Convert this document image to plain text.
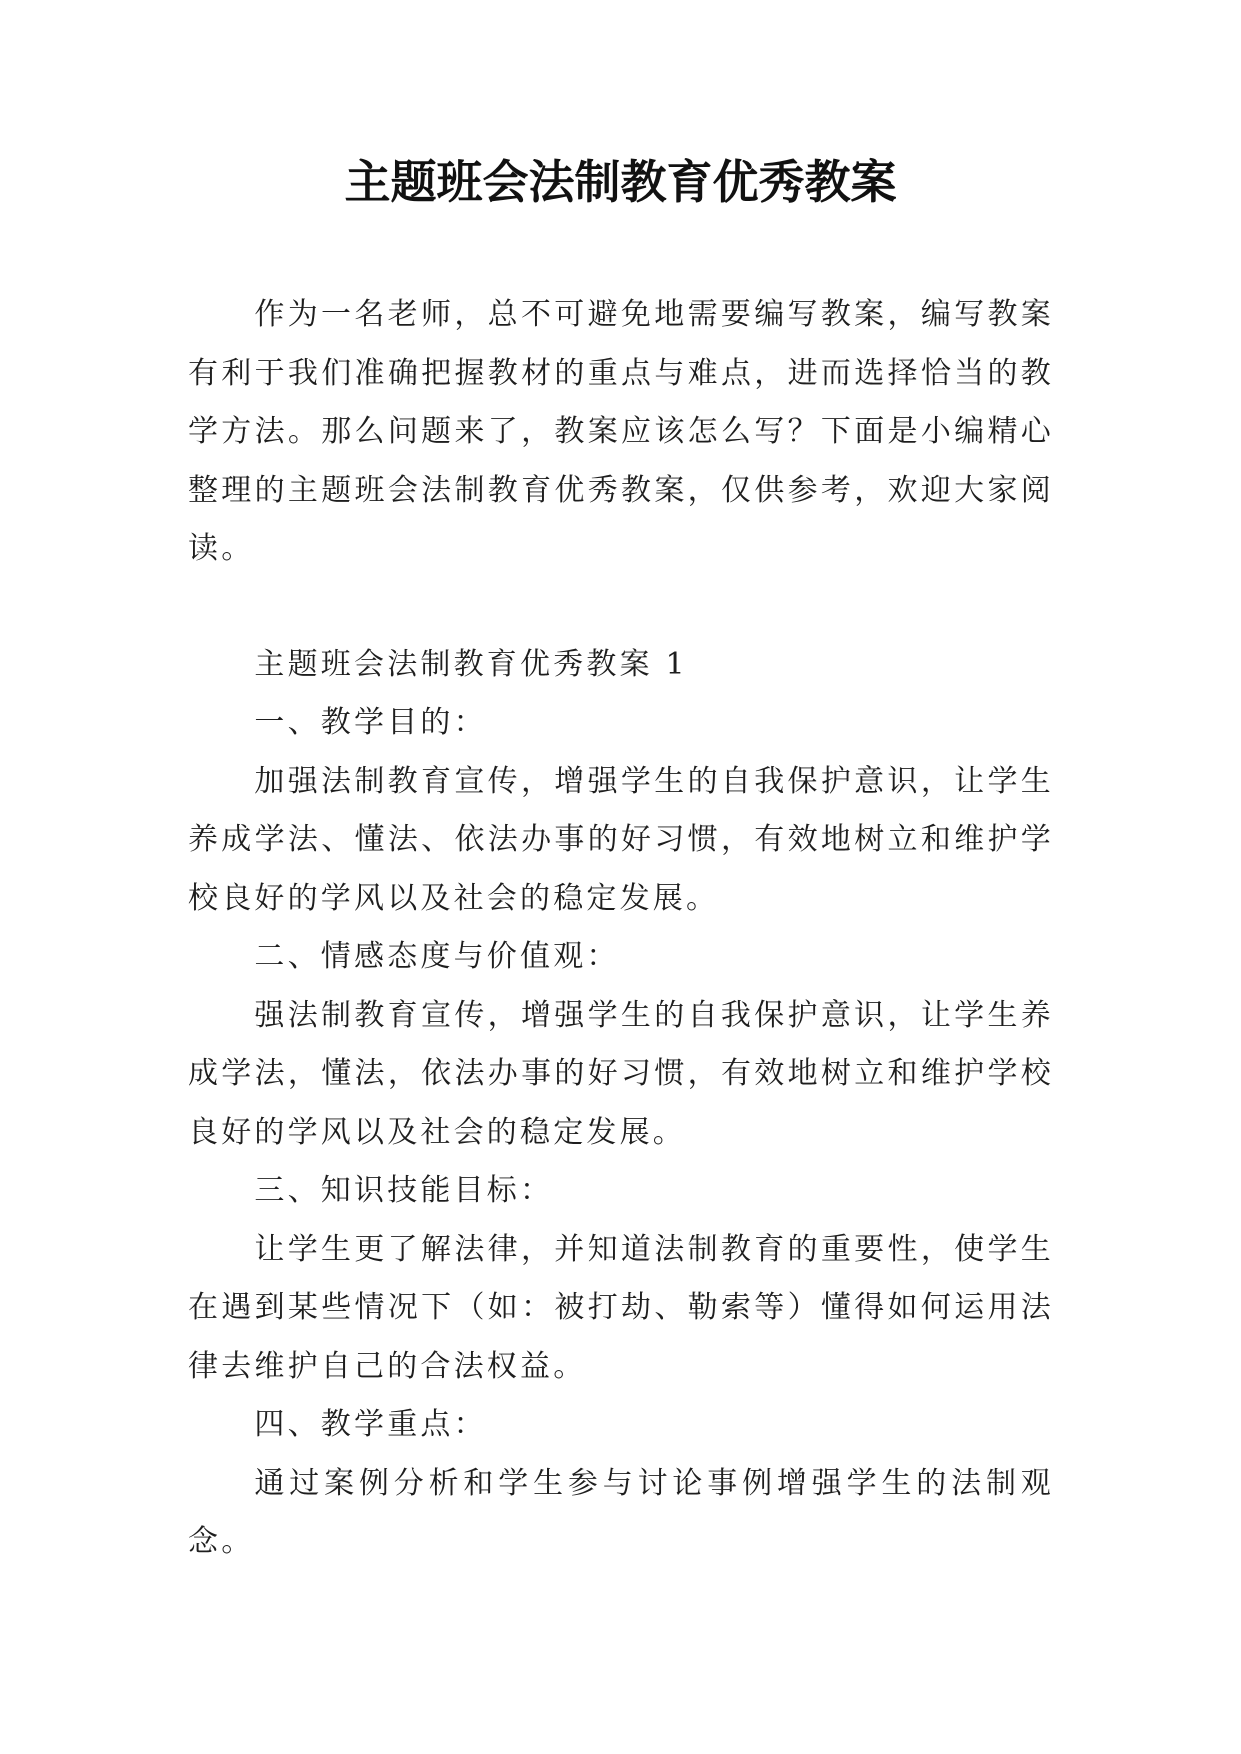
主题班会法制教育优秀教案

作为一名老师，总不可避免地需要编写教案，编写教案有利于我们准确把握教材的重点与难点，进而选择恰当的教学方法。那么问题来了，教案应该怎么写？下面是小编精心整理的主题班会法制教育优秀教案，仅供参考，欢迎大家阅读。

主题班会法制教育优秀教案 1

一、教学目的：

加强法制教育宣传，增强学生的自我保护意识，让学生养成学法、懂法、依法办事的好习惯，有效地树立和维护学校良好的学风以及社会的稳定发展。

二、情感态度与价值观：

强法制教育宣传，增强学生的自我保护意识，让学生养成学法，懂法，依法办事的好习惯，有效地树立和维护学校良好的学风以及社会的稳定发展。

三、知识技能目标：

让学生更了解法律，并知道法制教育的重要性，使学生在遇到某些情况下（如：被打劫、勒索等）懂得如何运用法律去维护自己的合法权益。

四、教学重点：

通过案例分析和学生参与讨论事例增强学生的法制观念。
